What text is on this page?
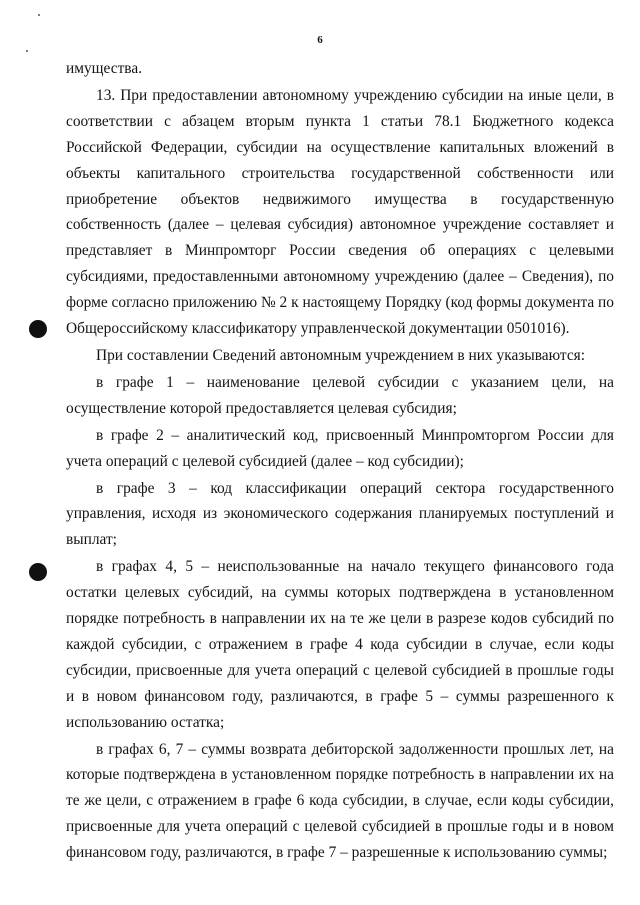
6

имущества.

13. При предоставлении автономному учреждению субсидии на иные цели, в соответствии с абзацем вторым пункта 1 статьи 78.1 Бюджетного кодекса Российской Федерации, субсидии на осуществление капитальных вложений в объекты капитального строительства государственной собственности или приобретение объектов недвижимого имущества в государственную собственность (далее – целевая субсидия) автономное учреждение составляет и представляет в Минпромторг России сведения об операциях с целевыми субсидиями, предоставленными автономному учреждению (далее – Сведения), по форме согласно приложению № 2 к настоящему Порядку (код формы документа по Общероссийскому классификатору управленческой документации 0501016).

При составлении Сведений автономным учреждением в них указываются:

в графе 1 – наименование целевой субсидии с указанием цели, на осуществление которой предоставляется целевая субсидия;

в графе 2 – аналитический код, присвоенный Минпромторгом России для учета операций с целевой субсидией (далее – код субсидии);

в графе 3 – код классификации операций сектора государственного управления, исходя из экономического содержания планируемых поступлений и выплат;

в графах 4, 5 – неиспользованные на начало текущего финансового года остатки целевых субсидий, на суммы которых подтверждена в установленном порядке потребность в направлении их на те же цели в разрезе кодов субсидий по каждой субсидии, с отражением в графе 4 кода субсидии в случае, если коды субсидии, присвоенные для учета операций с целевой субсидией в прошлые годы и в новом финансовом году, различаются, в графе 5 – суммы разрешенного к использованию остатка;

в графах 6, 7 – суммы возврата дебиторской задолженности прошлых лет, на которые подтверждена в установленном порядке потребность в направлении их на те же цели, с отражением в графе 6 кода субсидии, в случае, если коды субсидии, присвоенные для учета операций с целевой субсидией в прошлые годы и в новом финансовом году, различаются, в графе 7 – разрешенные к использованию суммы;
